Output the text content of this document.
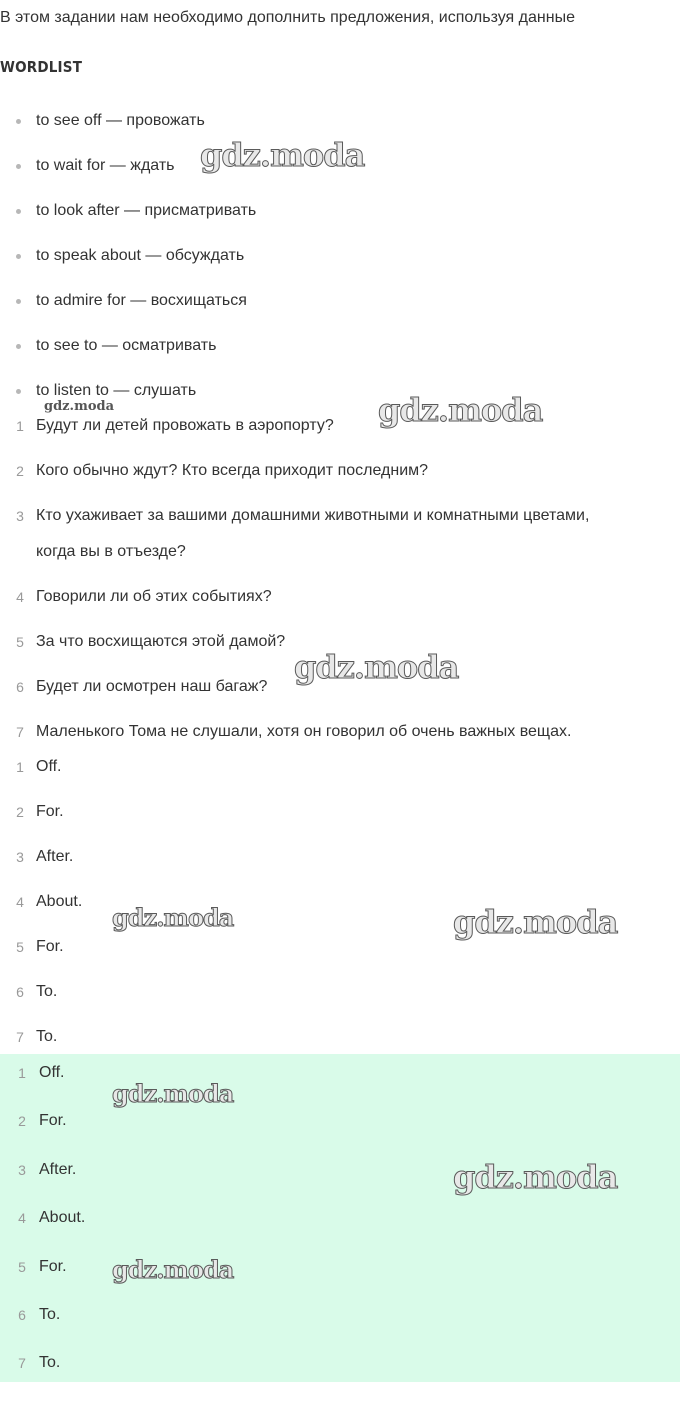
В этом задании нам необходимо дополнить предложения, используя данные
WORDLIST
to see off — провожать
to wait for — ждать
to look after — присматривать
to speak about — обсуждать
to admire for — восхищаться
to see to — осматривать
to listen to — слушать
1 Будут ли детей провожать в аэропорту?
2 Кого обычно ждут? Кто всегда приходит последним?
3 Кто ухаживает за вашими домашними животными и комнатными цветами,
когда вы в отъезде?
4 Говорили ли об этих событиях?
5 За что восхищаются этой дамой?
6 Будет ли осмотрен наш багаж?
7 Маленького Тома не слушали, хотя он говорил об очень важных вещах.
1 Off.
2 For.
3 After.
4 About.
5 For.
6 To.
7 To.
1 Off.
2 For.
3 After.
4 About.
5 For.
6 To.
7 To.
gdz.moda
gdz.moda	gdz.moda
gdz.moda
gdz.moda	gdz.moda
gdz.moda
gdz.moda
gdz.moda
